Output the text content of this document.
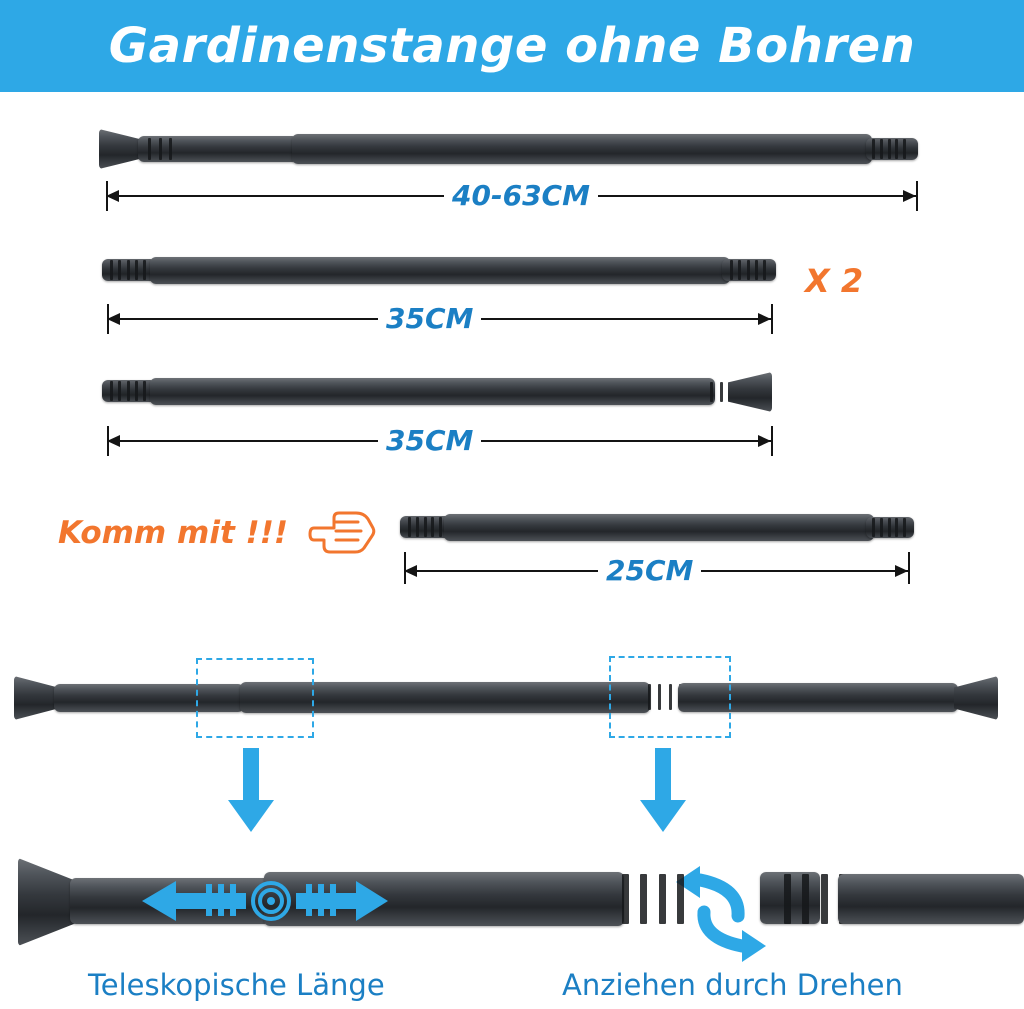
Gardinenstange ohne Bohren
40-63CM
35CM
X 2
35CM
Komm mit !!!
25CM
Teleskopische Länge	Anziehen durch Drehen
